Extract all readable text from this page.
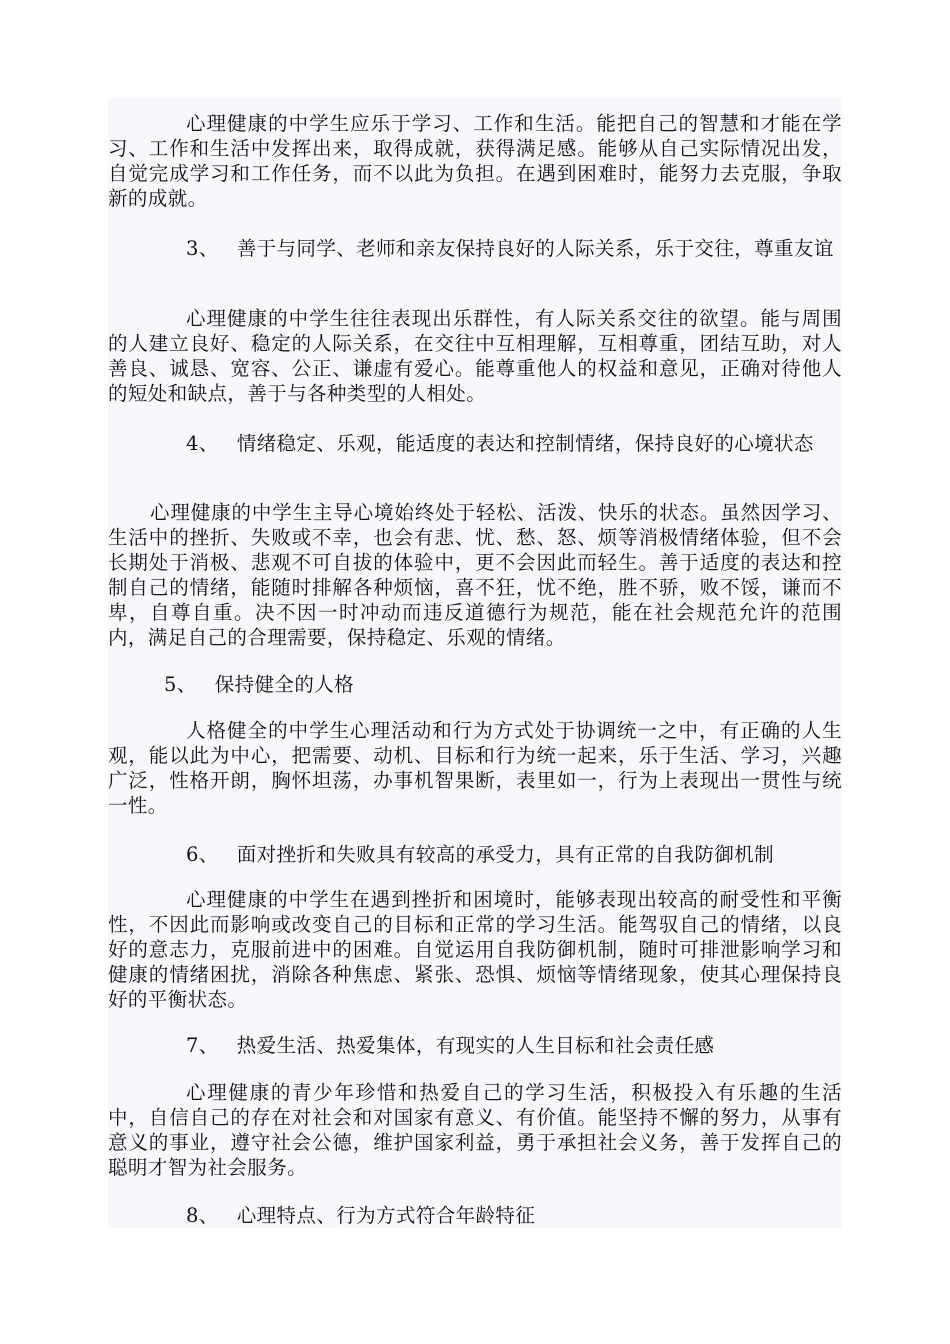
心理健康的中学生应乐于学习、工作和生活。能把自己的智慧和才能在学习、工作和生活中发挥出来，取得成就，获得满足感。能够从自己实际情况出发，自觉完成学习和工作任务，而不以此为负担。在遇到困难时，能努力去克服，争取新的成就。

3、 善于与同学、老师和亲友保持良好的人际关系，乐于交往，尊重友谊

心理健康的中学生往往表现出乐群性，有人际关系交往的欲望。能与周围的人建立良好、稳定的人际关系，在交往中互相理解，互相尊重，团结互助，对人善良、诚恳、宽容、公正、谦虚有爱心。能尊重他人的权益和意见，正确对待他人的短处和缺点，善于与各种类型的人相处。

4、 情绪稳定、乐观，能适度的表达和控制情绪，保持良好的心境状态

心理健康的中学生主导心境始终处于轻松、活泼、快乐的状态。虽然因学习、生活中的挫折、失败或不幸，也会有悲、忧、愁、怒、烦等消极情绪体验，但不会长期处于消极、悲观不可自拔的体验中，更不会因此而轻生。善于适度的表达和控制自己的情绪，能随时排解各种烦恼，喜不狂，忧不绝，胜不骄，败不馁，谦而不卑，自尊自重。决不因一时冲动而违反道德行为规范，能在社会规范允许的范围内，满足自己的合理需要，保持稳定、乐观的情绪。

5、 保持健全的人格

人格健全的中学生心理活动和行为方式处于协调统一之中，有正确的人生观，能以此为中心，把需要、动机、目标和行为统一起来，乐于生活、学习，兴趣广泛，性格开朗，胸怀坦荡，办事机智果断，表里如一，行为上表现出一贯性与统一性。

6、 面对挫折和失败具有较高的承受力，具有正常的自我防御机制

心理健康的中学生在遇到挫折和困境时，能够表现出较高的耐受性和平衡性，不因此而影响或改变自己的目标和正常的学习生活。能驾驭自己的情绪，以良好的意志力，克服前进中的困难。自觉运用自我防御机制，随时可排泄影响学习和健康的情绪困扰，消除各种焦虑、紧张、恐惧、烦恼等情绪现象，使其心理保持良好的平衡状态。

7、 热爱生活、热爱集体，有现实的人生目标和社会责任感

心理健康的青少年珍惜和热爱自己的学习生活，积极投入有乐趣的生活中，自信自己的存在对社会和对国家有意义、有价值。能坚持不懈的努力，从事有意义的事业，遵守社会公德，维护国家利益，勇于承担社会义务，善于发挥自己的聪明才智为社会服务。

8、 心理特点、行为方式符合年龄特征
